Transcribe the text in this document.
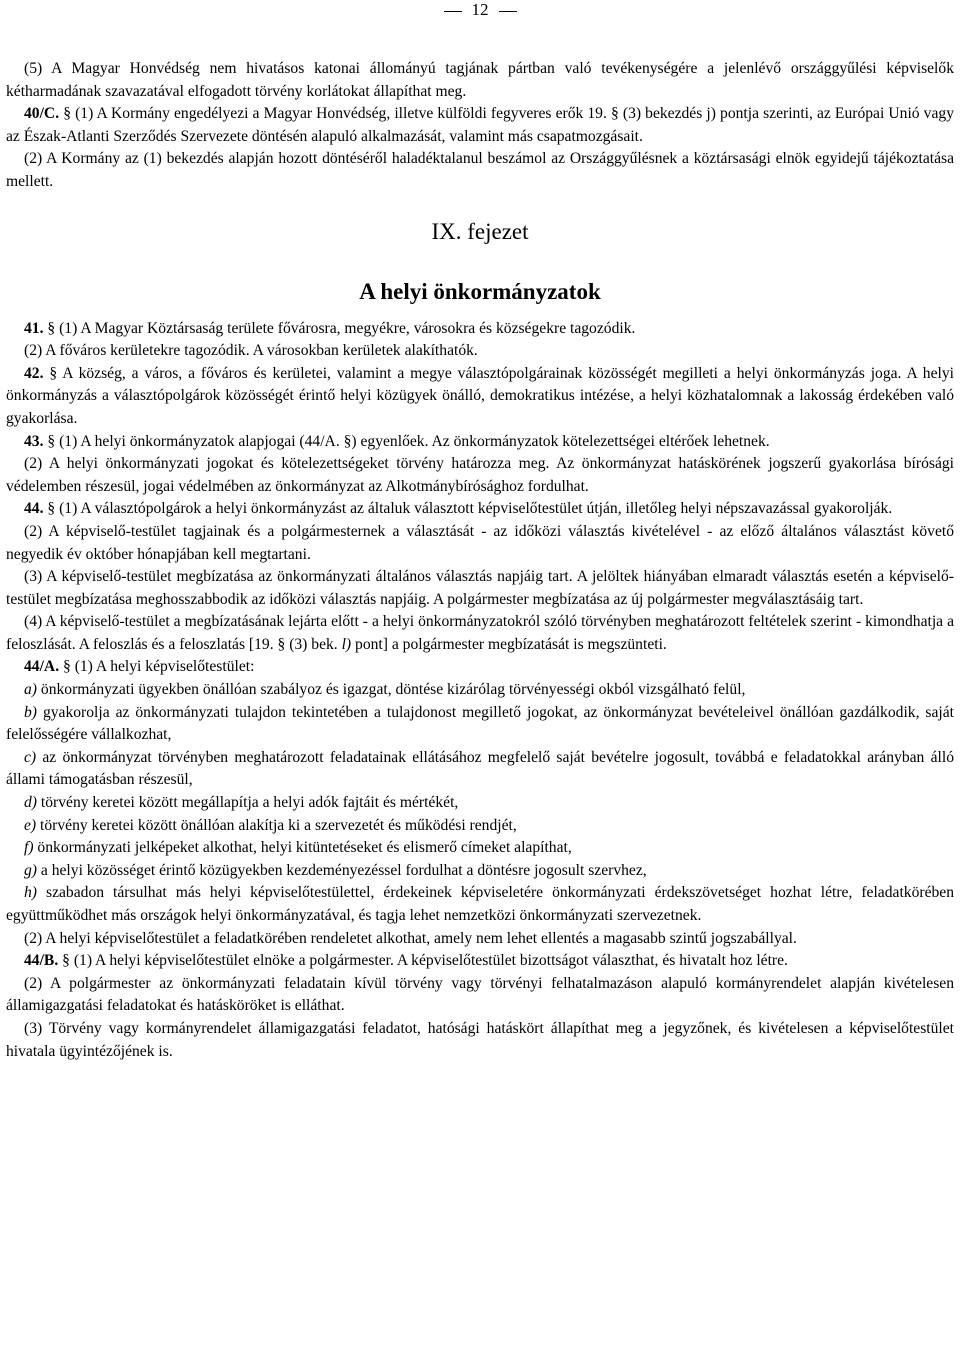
12

(5) A Magyar Honvédség nem hivatásos katonai állományú tagjának pártban való tevékenységére a jelenlévő országgyűlési képviselők kétharmadának szavazatával elfogadott törvény korlátokat állapíthat meg.

40/C. § (1) A Kormány engedélyezi a Magyar Honvédség, illetve külföldi fegyveres erők 19. § (3) bekezdés j) pontja szerinti, az Európai Unió vagy az Észak-Atlanti Szerződés Szervezete döntésén alapuló alkalmazását, valamint más csapatmozgásait.

(2) A Kormány az (1) bekezdés alapján hozott döntéséről haladéktalanul beszámol az Országgyűlésnek a köztársasági elnök egyidejű tájékoztatása mellett.

IX. fejezet
A helyi önkormányzatok

41. § (1) A Magyar Köztársaság területe fővárosra, megyékre, városokra és községekre tagozódik.

(2) A főváros kerületekre tagozódik. A városokban kerületek alakíthatók.

42. § A község, a város, a főváros és kerületei, valamint a megye választópolgárainak közösségét megilleti a helyi önkormányzás joga. A helyi önkormányzás a választópolgárok közösségét érintő helyi közügyek önálló, demokratikus intézése, a helyi közhatalomnak a lakosság érdekében való gyakorlása.

43. § (1) A helyi önkormányzatok alapjogai (44/A. §) egyenlőek. Az önkormányzatok kötelezettségei eltérőek lehetnek.

(2) A helyi önkormányzati jogokat és kötelezettségeket törvény határozza meg. Az önkormányzat hatáskörének jogszerű gyakorlása bírósági védelemben részesül, jogai védelmében az önkormányzat az Alkotmánybírósághoz fordulhat.

44. § (1) A választópolgárok a helyi önkormányzást az általuk választott képviselőtestület útján, illetőleg helyi népszavazással gyakorolják.

(2) A képviselő-testület tagjainak és a polgármesternek a választását - az időközi választás kivételével - az előző általános választást követő negyedik év október hónapjában kell megtartani.

(3) A képviselő-testület megbízatása az önkormányzati általános választás napjáig tart. A jelöltek hiányában elmaradt választás esetén a képviselő-testület megbízatása meghosszabbodik az időközi választás napjáig. A polgármester megbízatása az új polgármester megválasztásáig tart.

(4) A képviselő-testület a megbízatásának lejárta előtt - a helyi önkormányzatokról szóló törvényben meghatározott feltételek szerint - kimondhatja a feloszlását. A feloszlás és a feloszlatás [19. § (3) bek. l) pont] a polgármester megbízatását is megszünteti.

44/A. § (1) A helyi képviselőtestület:

a) önkormányzati ügyekben önállóan szabályoz és igazgat, döntése kizárólag törvényességi okból vizsgálható felül,

b) gyakorolja az önkormányzati tulajdon tekintetében a tulajdonost megillető jogokat, az önkormányzat bevételeivel önállóan gazdálkodik, saját felelősségére vállalkozhat,

c) az önkormányzat törvényben meghatározott feladatainak ellátásához megfelelő saját bevételre jogosult, továbbá e feladatokkal arányban álló állami támogatásban részesül,

d) törvény keretei között megállapítja a helyi adók fajtáit és mértékét,

e) törvény keretei között önállóan alakítja ki a szervezetét és működési rendjét,

f) önkormányzati jelképeket alkothat, helyi kitüntetéseket és elismerő címeket alapíthat,

g) a helyi közösséget érintő közügyekben kezdeményezéssel fordulhat a döntésre jogosult szervhez,

h) szabadon társulhat más helyi képviselőtestülettel, érdekeinek képviseletére önkormányzati érdekszövetséget hozhat létre, feladatkörében együttműködhet más országok helyi önkormányzatával, és tagja lehet nemzetközi önkormányzati szervezetnek.

(2) A helyi képviselőtestület a feladatkörében rendeletet alkothat, amely nem lehet ellentés a magasabb szintű jogszabállyal.

44/B. § (1) A helyi képviselőtestület elnöke a polgármester. A képviselőtestület bizottságot választhat, és hivatalt hoz létre.

(2) A polgármester az önkormányzati feladatain kívül törvény vagy törvényi felhatalmazáson alapuló kormányrendelet alapján kivételesen államigazgatási feladatokat és hatásköröket is elláthat.

(3) Törvény vagy kormányrendelet államigazgatási feladatot, hatósági hatáskört állapíthat meg a jegyzőnek, és kivételesen a képviselőtestület hivatala ügyintézőjének is.
